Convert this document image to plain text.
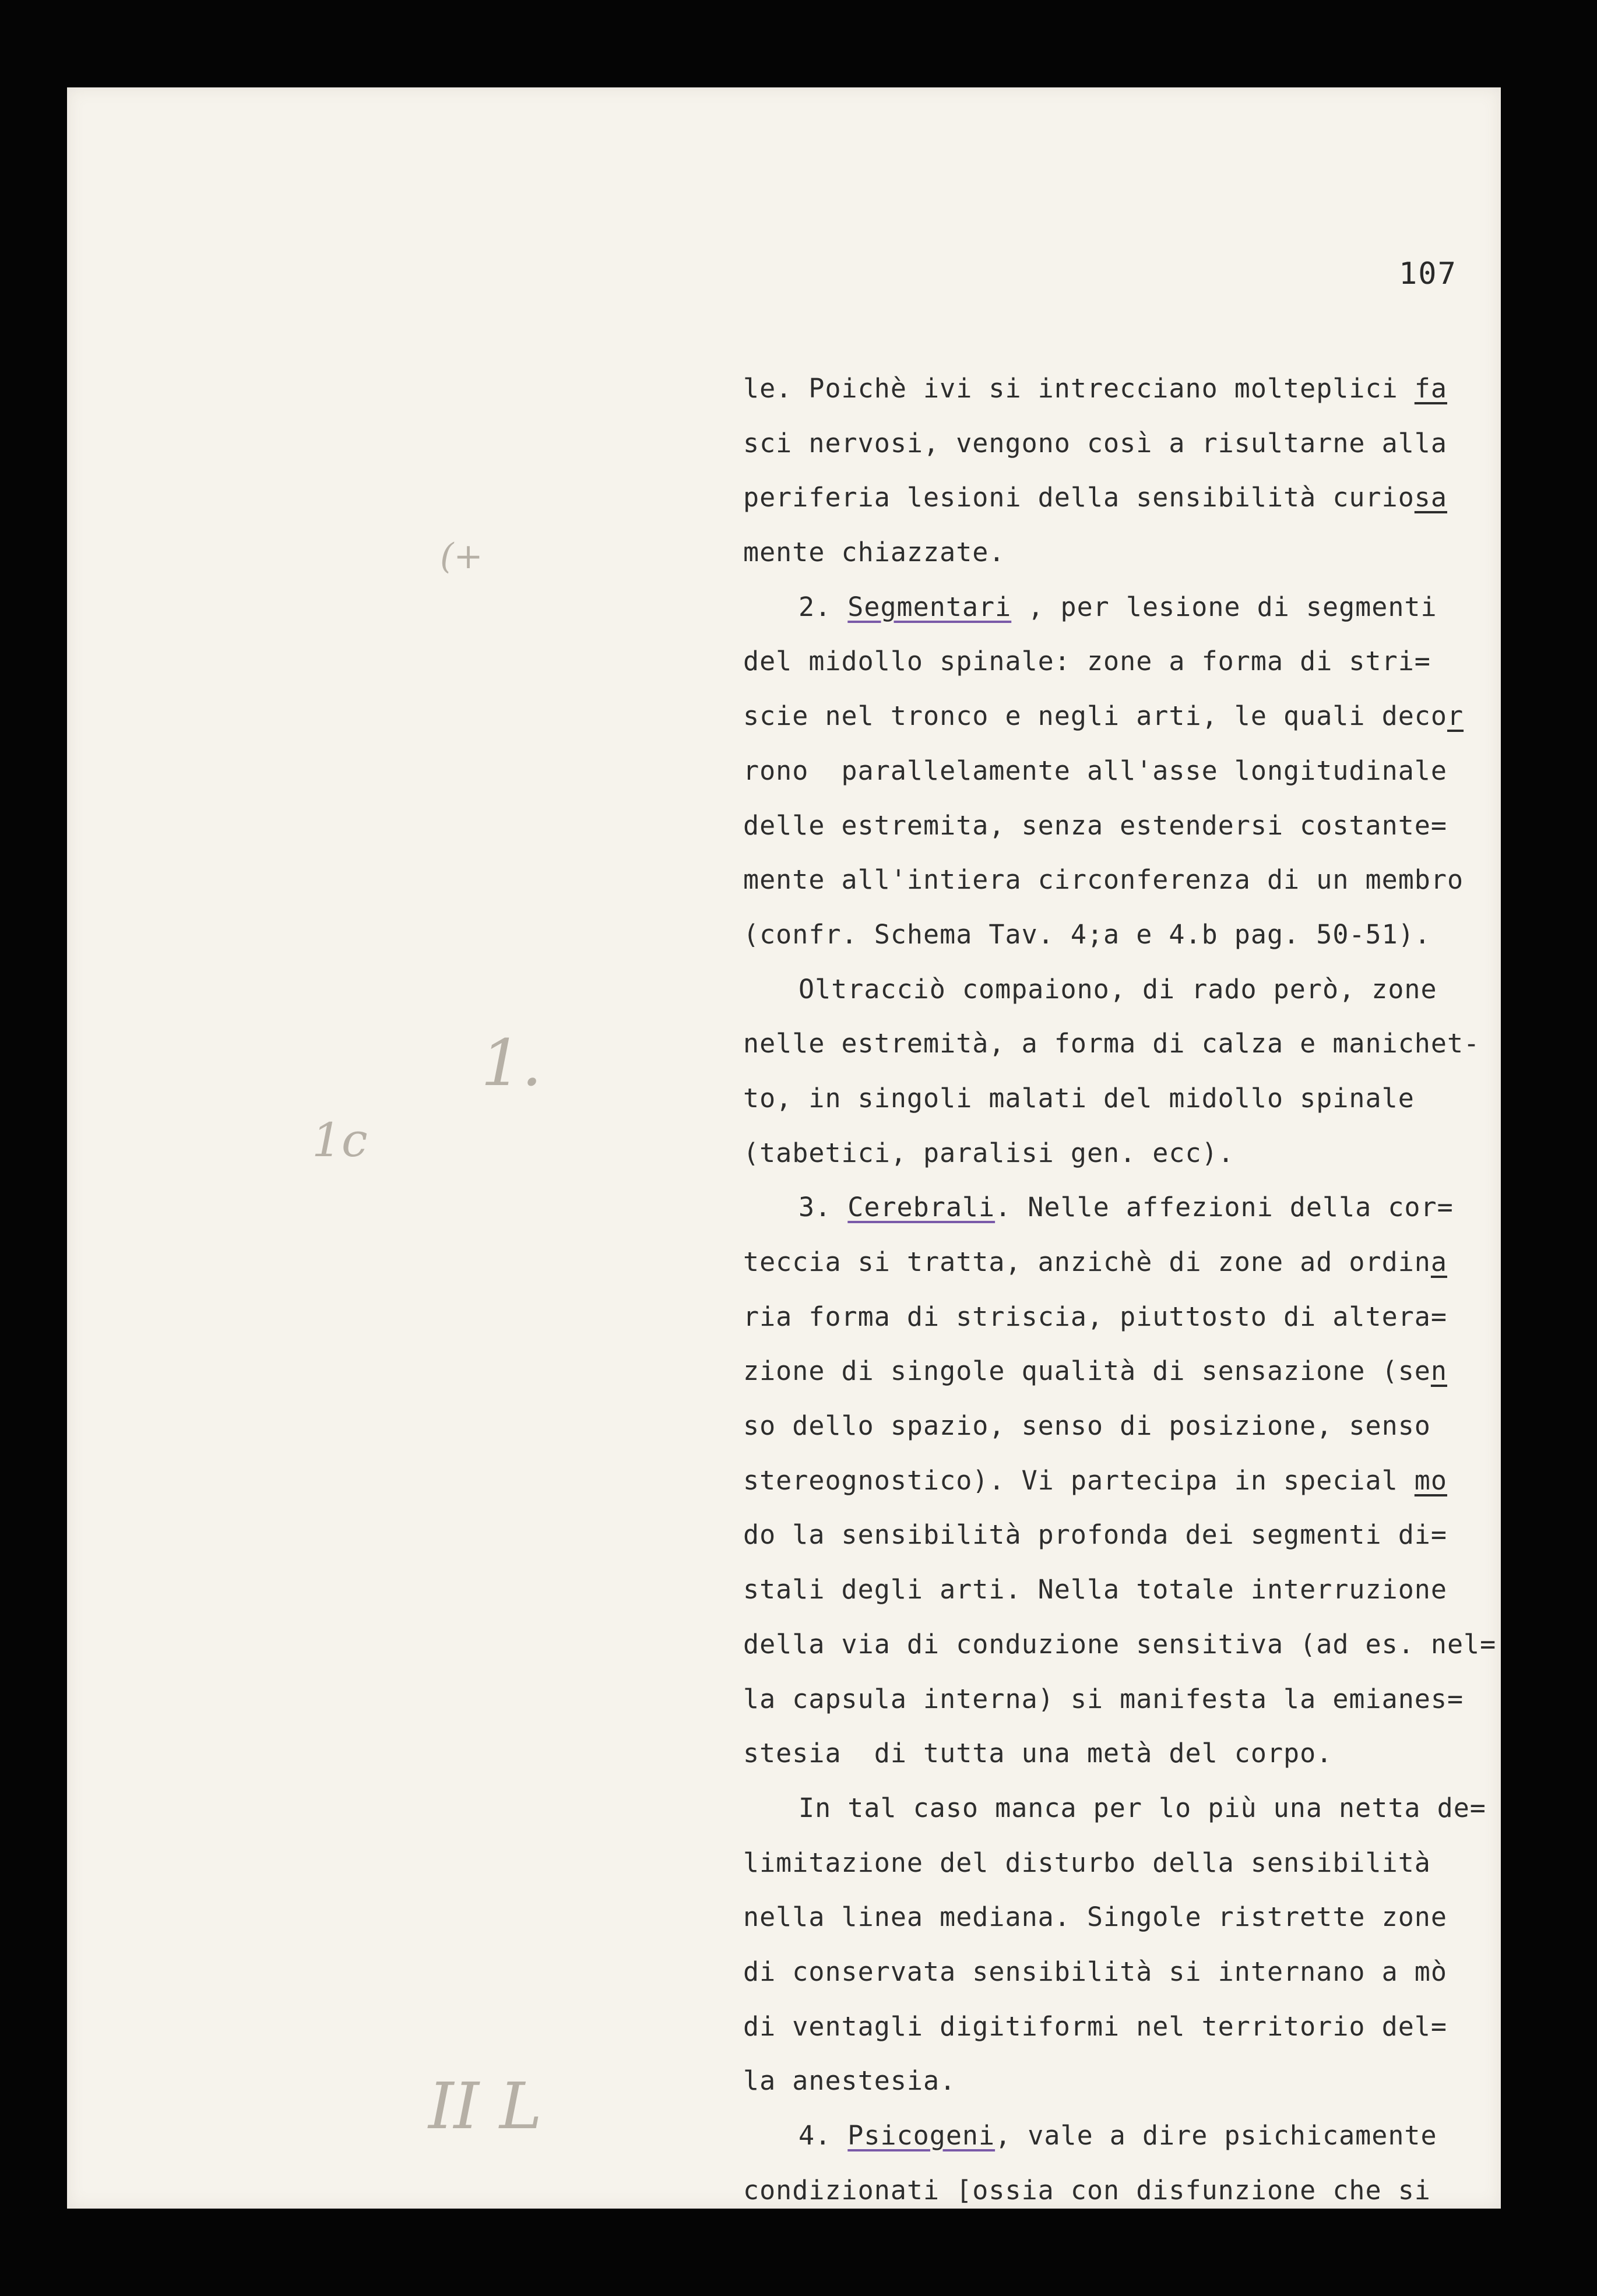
107
(+
1.
1c
II L
le. Poichè ivi si intrecciano molteplici fa
sci nervosi, vengono così a risultarne alla
periferia lesioni della sensibilità curiosa
mente chiazzate.
2. Segmentari , per lesione di segmenti
del midollo spinale: zone a forma di stri=
scie nel tronco e negli arti, le quali decor
rono  parallelamente all'asse longitudinale
delle estremita, senza estendersi costante=
mente all'intiera circonferenza di un membro
(confr. Schema Tav. 4;a e 4.b pag. 50-51).
Oltracciò compaiono, di rado però, zone
nelle estremità, a forma di calza e manichet-
to, in singoli malati del midollo spinale
(tabetici, paralisi gen. ecc).
3. Cerebrali. Nelle affezioni della cor=
teccia si tratta, anzichè di zone ad ordina
ria forma di striscia, piuttosto di altera=
zione di singole qualità di sensazione (sen
so dello spazio, senso di posizione, senso
stereognostico). Vi partecipa in special mo
do la sensibilità profonda dei segmenti di=
stali degli arti. Nella totale interruzione
della via di conduzione sensitiva (ad es. nel=
la capsula interna) si manifesta la emianes=
stesia  di tutta una metà del corpo.
In tal caso manca per lo più una netta de=
limitazione del disturbo della sensibilità
nella linea mediana. Singole ristrette zone
di conservata sensibilità si internano a mò
di ventagli digitiformi nel territorio del=
la anestesia.
4. Psicogeni, vale a dire psichicamente
condizionati [ossia con disfunzione che si
